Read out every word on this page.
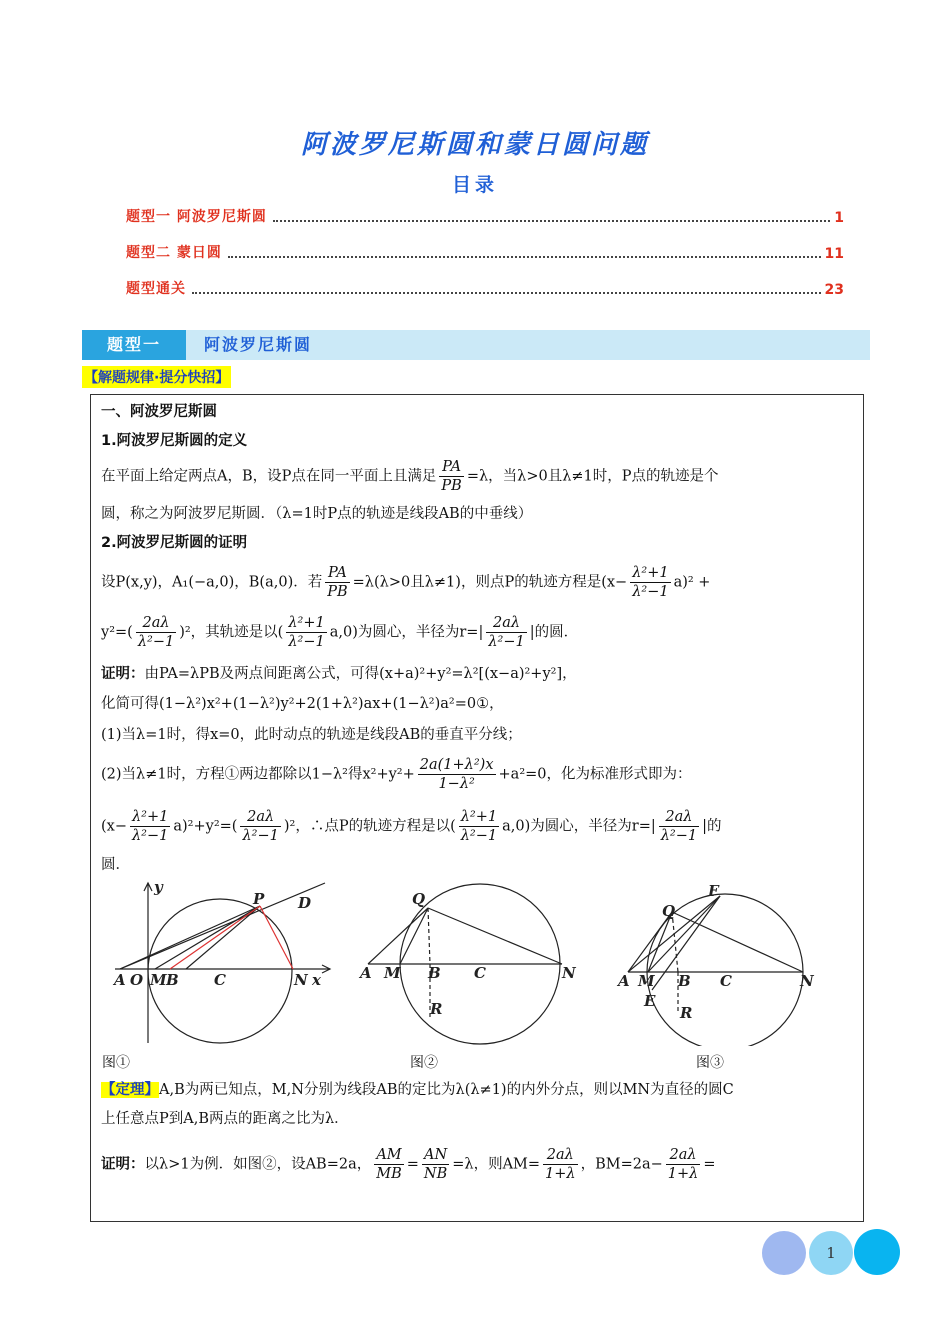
阿波罗尼斯圆和蒙日圆问题
目录
题型一 阿波罗尼斯圆	1
题型二 蒙日圆	11
题型通关	23
题型一	阿波罗尼斯圆
【解题规律·提分快招】
一、阿波罗尼斯圆
1.阿波罗尼斯圆的定义
在平面上给定两点A，B，设P点在同一平面上且满足 $\frac{PA}{PB} =\lambda$，当λ>0且λ≠1时，P点的轨迹是个
圆，称之为阿波罗尼斯圆．（λ=1时P点的轨迹是线段AB的中垂线）
2.阿波罗尼斯圆的证明
设P(x,y)，A₁(−a,0)，B(a,0)．若 $\frac{PA}{PB} =\lambda(\lambda>0$且λ≠1)，则点P的轨迹方程是$(x- \frac{\text{λ²+1}}{\text{λ²−1}} a)^2$ +
$y^2=( \frac{2a\lambda}{\text{λ²−1}} )^2$，其轨迹是以( $\frac{\text{λ²+1}}{\text{λ²−1}} a,0$)为圆心，半径为$r=| \frac{2a\lambda}{\text{λ²−1}}$ |的圆．
证明：由PA=λPB及两点间距离公式，可得(x+a)²+y²=λ²[(x−a)²+y²]，
化简可得(1−λ²)x²+(1−λ²)y²+2(1+λ²)ax+(1−λ²)a²=0①，
(1)当λ=1时，得x=0，此时动点的轨迹是线段AB的垂直平分线；
(2)当λ≠1时，方程①两边都除以1−λ²得$x^2+y^2+ \frac{\text{2a(1+λ²)x}}{\text{1−λ²}} +a^2=0$，化为标准形式即为：
$(x- \frac{\text{λ²+1}}{\text{λ²−1}} a)^2+y^2=( \frac{2a\lambda}{\text{λ²−1}} )^2$，∴点P的轨迹方程是以( $\frac{\text{λ²+1}}{\text{λ²−1}} a,0$)为圆心，半径为$r=| \frac{2a\lambda}{\text{λ²−1}}$ |的
圆．
y
P D
A O M B C	N x
Q
A M B C	N
R
F
Q
A M B C	N
E
R
图①	图②	图③
【定理】A,B为两已知点，M,N分别为线段AB的定比为λ(λ≠1)的内外分点，则以MN为直径的圆C
上任意点P到A,B两点的距离之比为λ．
证明：以λ>1为例．如图②，设AB=2a， $\frac{AM}{MB} = \frac{AN}{NB} =\lambda$，则$AM= \frac{2a\lambda}{1+\lambda}$ ，$BM=2a- \frac{2a\lambda}{1+\lambda}$ =
1
